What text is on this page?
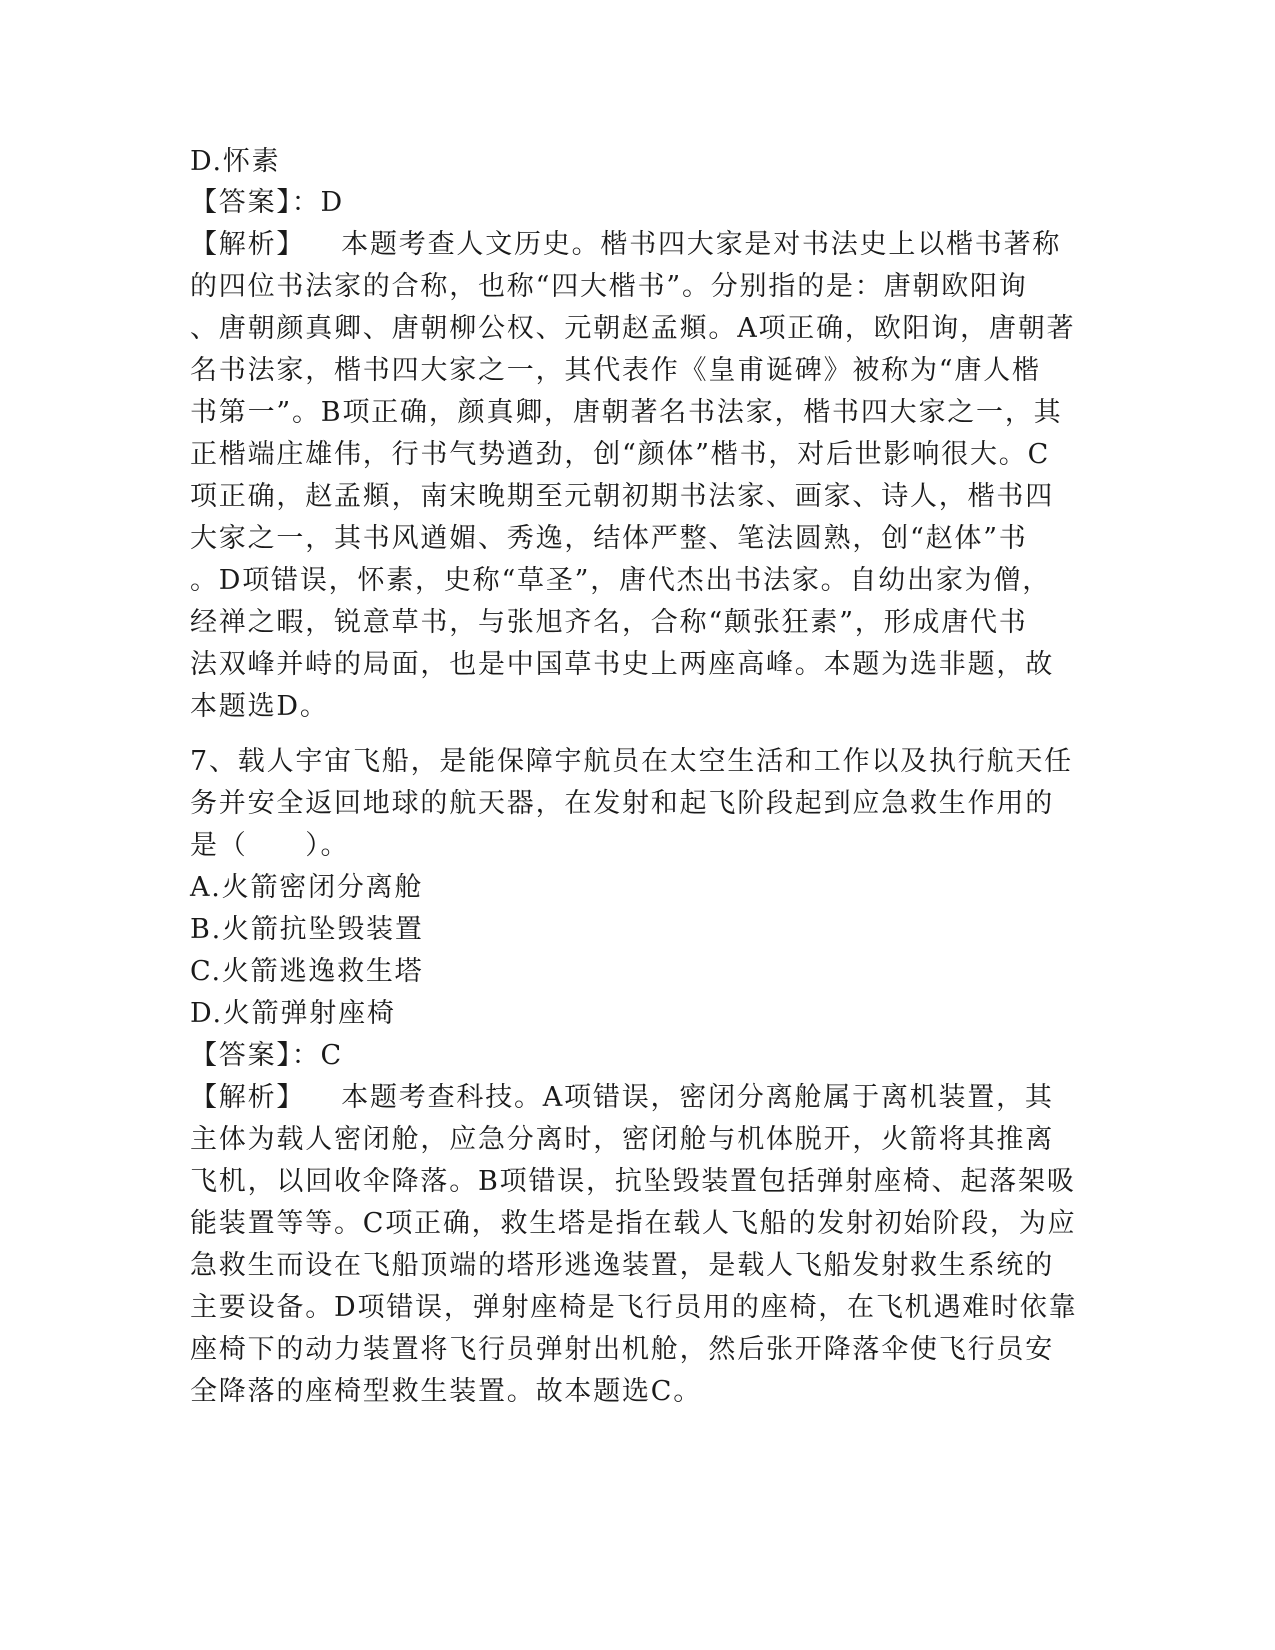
D.怀素
【答案】：D
【解析】 本题考查人文历史。楷书四大家是对书法史上以楷书著称
的四位书法家的合称，也称“四大楷书”。分别指的是：唐朝欧阳询
、唐朝颜真卿、唐朝柳公权、元朝赵孟頫。A项正确，欧阳询，唐朝著
名书法家，楷书四大家之一，其代表作《皇甫诞碑》被称为“唐人楷
书第一”。B项正确，颜真卿，唐朝著名书法家，楷书四大家之一，其
正楷端庄雄伟，行书气势遒劲，创“颜体”楷书，对后世影响很大。C
项正确，赵孟頫，南宋晚期至元朝初期书法家、画家、诗人，楷书四
大家之一，其书风遒媚、秀逸，结体严整、笔法圆熟，创“赵体”书
。D项错误，怀素，史称“草圣”，唐代杰出书法家。自幼出家为僧，
经禅之暇，锐意草书，与张旭齐名，合称“颠张狂素”，形成唐代书
法双峰并峙的局面，也是中国草书史上两座高峰。本题为选非题，故
本题选D。
7、载人宇宙飞船，是能保障宇航员在太空生活和工作以及执行航天任
务并安全返回地球的航天器，在发射和起飞阶段起到应急救生作用的
是（　　）。
A.火箭密闭分离舱
B.火箭抗坠毁装置
C.火箭逃逸救生塔
D.火箭弹射座椅
【答案】：C
【解析】 本题考查科技。A项错误，密闭分离舱属于离机装置，其
主体为载人密闭舱，应急分离时，密闭舱与机体脱开，火箭将其推离
飞机，以回收伞降落。B项错误，抗坠毁装置包括弹射座椅、起落架吸
能装置等等。C项正确，救生塔是指在载人飞船的发射初始阶段，为应
急救生而设在飞船顶端的塔形逃逸装置，是载人飞船发射救生系统的
主要设备。D项错误，弹射座椅是飞行员用的座椅，在飞机遇难时依靠
座椅下的动力装置将飞行员弹射出机舱，然后张开降落伞使飞行员安
全降落的座椅型救生装置。故本题选C。
